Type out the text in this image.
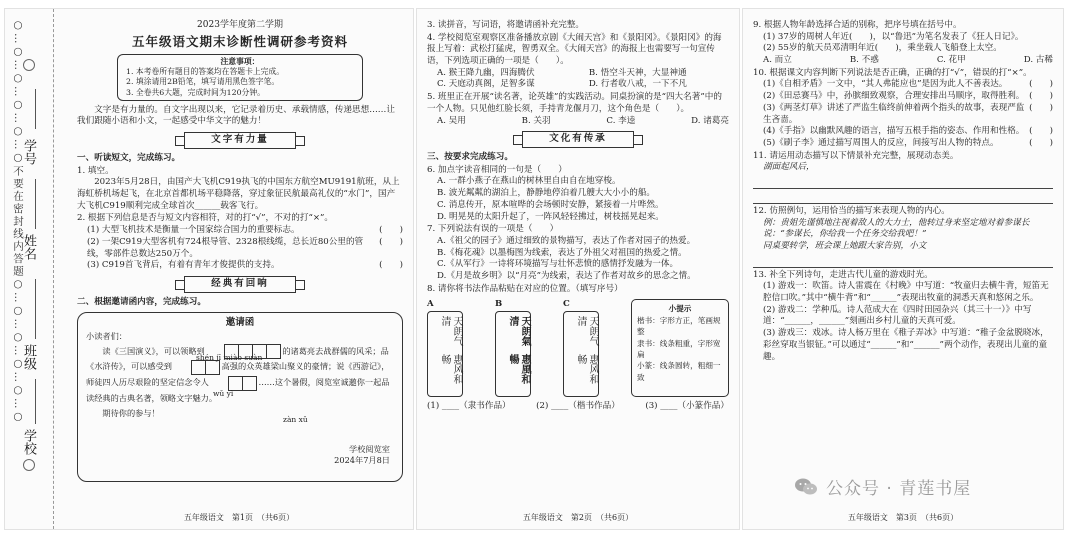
○…○…○…○…○…○不要在密封线内答题○…○…○…○…○…○
学号
姓名
班级
学校
2023学年度第二学期
五年级语文期末诊断性调研参考资料
注意事项：
1. 本考卷所有题目的答案均在答题卡上完成。
2. 填涂请用2B铅笔，填写请用黑色签字笔。
3. 全卷共6大题，完成时间为120分钟。
文字是有力量的。自文字出现以来，它记录着历史、承载情感，传递思想……让我们跟随小语和小文，一起感受中华文字的魅力！
文字有力量
一、听读短文，完成练习。
1. 填空。
2023年5月28日，由国产大飞机C919执飞的中国东方航空MU9191航班，从上海虹桥机场起飞，在北京首都机场平稳降落，穿过象征民航最高礼仪的“水门”，国产大飞机C919顺利完成全球首次______载客飞行。
2. 根据下列信息是否与短文内容相符，对的打“√”，不对的打“×”。
(1) 大型飞机技术是衡量一个国家综合国力的重要标志。	(　　)
(2) 一架C919大型客机有724根导管、2328根线缆，总长近80公里的管线，零部件总数达250万个。
(　　)
(3) C919首飞背后，有着有青年才俊提供的支持。	(　　)
经典有回响
二、根据邀请函内容，完成练习。
邀请函
小读者们：
shén jī miào suàn
读《三国演义》，可以领略到	的诸葛亮去战群儒的风采；品《水浒传》，可以感受到	高强的众英雄梁山聚义的豪情；说《西游记》，师徒四人历尽艰险的坚定信念令人	……这个暑假，阅览室诚邀你一起品读经典的古典名著，领略文字魅力。
wǔ yì
zàn xǔ
期待你的参与！
学校阅览室
2024年7月8日
五年级语文　第1页　（共6页）
3. 读拼音，写词语，将邀请函补充完整。
4. 学校阅览室观察区准备播放京剧《大闹天宫》和《景阳冈》。《景阳冈》的海报上写着：武松打猛虎，智勇双全。《大闹天宫》的海报上也需要写一句宣传语，下列选项正确的一项是（　　）。
A. 猴王降九幽，四海腾伏	B. 悟空斗天神，大显神通
C. 天庭动真阁，足智多谋	D. 行者收八戒，一下不凡
5. 班里正在开展“读名著，论英雄”的实践活动。同桌扮演的是“四大名著”中的一个人物。只见他红脸长须，手持青龙偃月刀，这个角色是（　　）。
A. 吴用	B. 关羽	C. 李逵	D. 诸葛亮
文化有传承
三、按要求完成练习。
6. 加点字读音相同的一句是（　　）
A. 一群小燕子在燕山的树林里自由自在地穿梭。
B. 波光粼粼的湖泊上，静静地停泊着几艘大大小小的船。
C. 消息传开，原本喧哗的会场顿时安静，紧接着一片哗然。
D. 明晃晃的太阳升起了，一阵风轻轻拂过，树枝摇晃起来。
7. 下列说法有误的一项是（　　）
A.《祖父的园子》通过细致的景物描写，表达了作者对园子的热爱。
B.《梅花魂》以墨梅图为线索，表达了外祖父对祖国的热爱之情。
C.《从军行》一诗将环境描写与壮怀悲愤的感情抒发融为一体。
D.《月是故乡明》以“月亮”为线索，表达了作者对故乡的思念之情。
8. 请你将书法作品粘贴在对应的位置。（填写序号）
A
天朗气清
惠风和畅
B
天朗氣清
惠風和暢
C
天朗气清
惠风和畅
小提示
楷书：字形方正，笔画规整
隶书：线条粗重，字形宽扁
小篆：线条圆转，粗细一致
(1) ____（隶书作品）	(2) ____（楷书作品）	(3) ____（小篆作品）
五年级语文　第2页　（共6页）
9. 根据人物年龄选择合适的别称，把序号填在括号中。
(1) 37岁的周树人年近(　　)，以“鲁迅”为笔名发表了《狂人日记》。
(2) 55岁的航天员邓清明年近(　　)，乘坐载人飞船登上太空。
A. 而立	B. 不惑	C. 花甲	D. 古稀
10. 根据课文内容判断下列说法是否正确，正确的打“√”，错误的打“×”。
(1)《自相矛盾》一文中，“其人弗能应也”是因为此人不善表达。	(　　)
(2)《田忌赛马》中，孙膑细致观察，合理安排出马顺序，取得胜利。 (　　)
(3)《两茎灯草》讲述了严监生临终前伸着两个指头的故事，表现严监生吝啬。
(　　)
(4)《手指》以幽默风趣的语言，描写五根手指的姿态、作用和性格。 (　　)
(5)《刷子李》通过描写周围人的反应，间接写出人物的特点。	(　　)
11. 请运用动态描写以下情景补充完整，展现动态美。
湖面起风后，
12. 仿照例句，运用恰当的描写来表现人物的内心。
例：贵姐先谨慎地注视着敌人的大力士，他转过身来坚定地对着参谋长说：“参谋长，你给我一个任务交给我吧！”
同桌要转学，班会课上她跟大家告别，小文
13. 补全下列诗句，走进古代儿童的游戏时光。
(1) 游戏一：吹笛。诗人雷震在《村晚》中写道：“牧童归去横牛背，短笛无腔信口吹。”其中“横牛背”和“______”表现出牧童的洞悉天真和悠闲之乐。
(2) 游戏二：学种瓜。诗人范成大在《四时田园杂兴（其三十一）》中写道：“______，______”刻画出乡村儿童的天真可爱。
(3) 游戏三：戏冰。诗人杨万里在《稚子弄冰》中写道：“稚子金盆脱晓冰，彩丝穿取当银钲。”可以通过“______”和“______”两个动作，表现出儿童的童趣。
五年级语文　第3页　（共6页）
公众号 · 青莲书屋
